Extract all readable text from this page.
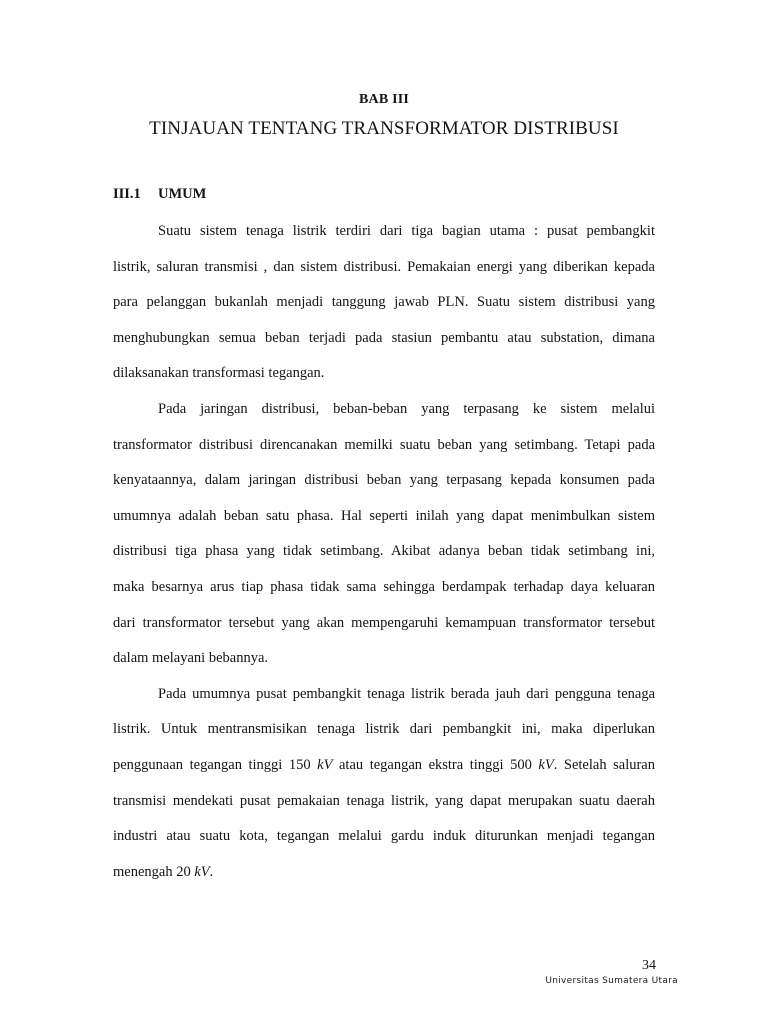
BAB III
TINJAUAN TENTANG TRANSFORMATOR DISTRIBUSI
III.1 UMUM
Suatu sistem tenaga listrik terdiri dari tiga bagian utama : pusat pembangkit
listrik, saluran transmisi , dan sistem distribusi. Pemakaian energi yang diberikan kepada
para pelanggan bukanlah menjadi tanggung jawab PLN. Suatu sistem distribusi yang
menghubungkan semua beban terjadi pada stasiun pembantu atau substation, dimana
dilaksanakan transformasi tegangan.
Pada jaringan distribusi, beban-beban yang terpasang ke sistem melalui
transformator distribusi direncanakan memilki suatu beban yang setimbang. Tetapi pada
kenyataannya, dalam jaringan distribusi beban yang terpasang kepada konsumen pada
umumnya adalah beban satu phasa. Hal seperti inilah yang dapat menimbulkan sistem
distribusi tiga phasa yang tidak setimbang. Akibat adanya beban tidak setimbang ini,
maka besarnya arus tiap phasa tidak sama sehingga berdampak terhadap daya keluaran
dari transformator tersebut yang akan mempengaruhi kemampuan transformator tersebut
dalam melayani bebannya.
Pada umumnya pusat pembangkit tenaga listrik berada jauh dari pengguna tenaga
listrik. Untuk mentransmisikan tenaga listrik dari pembangkit ini, maka diperlukan
penggunaan tegangan tinggi 150 kV atau tegangan ekstra tinggi 500 kV. Setelah saluran
transmisi mendekati pusat pemakaian tenaga listrik, yang dapat merupakan suatu daerah
industri atau suatu kota, tegangan melalui gardu induk diturunkan menjadi tegangan
menengah 20 kV.
34
Universitas Sumatera Utara
